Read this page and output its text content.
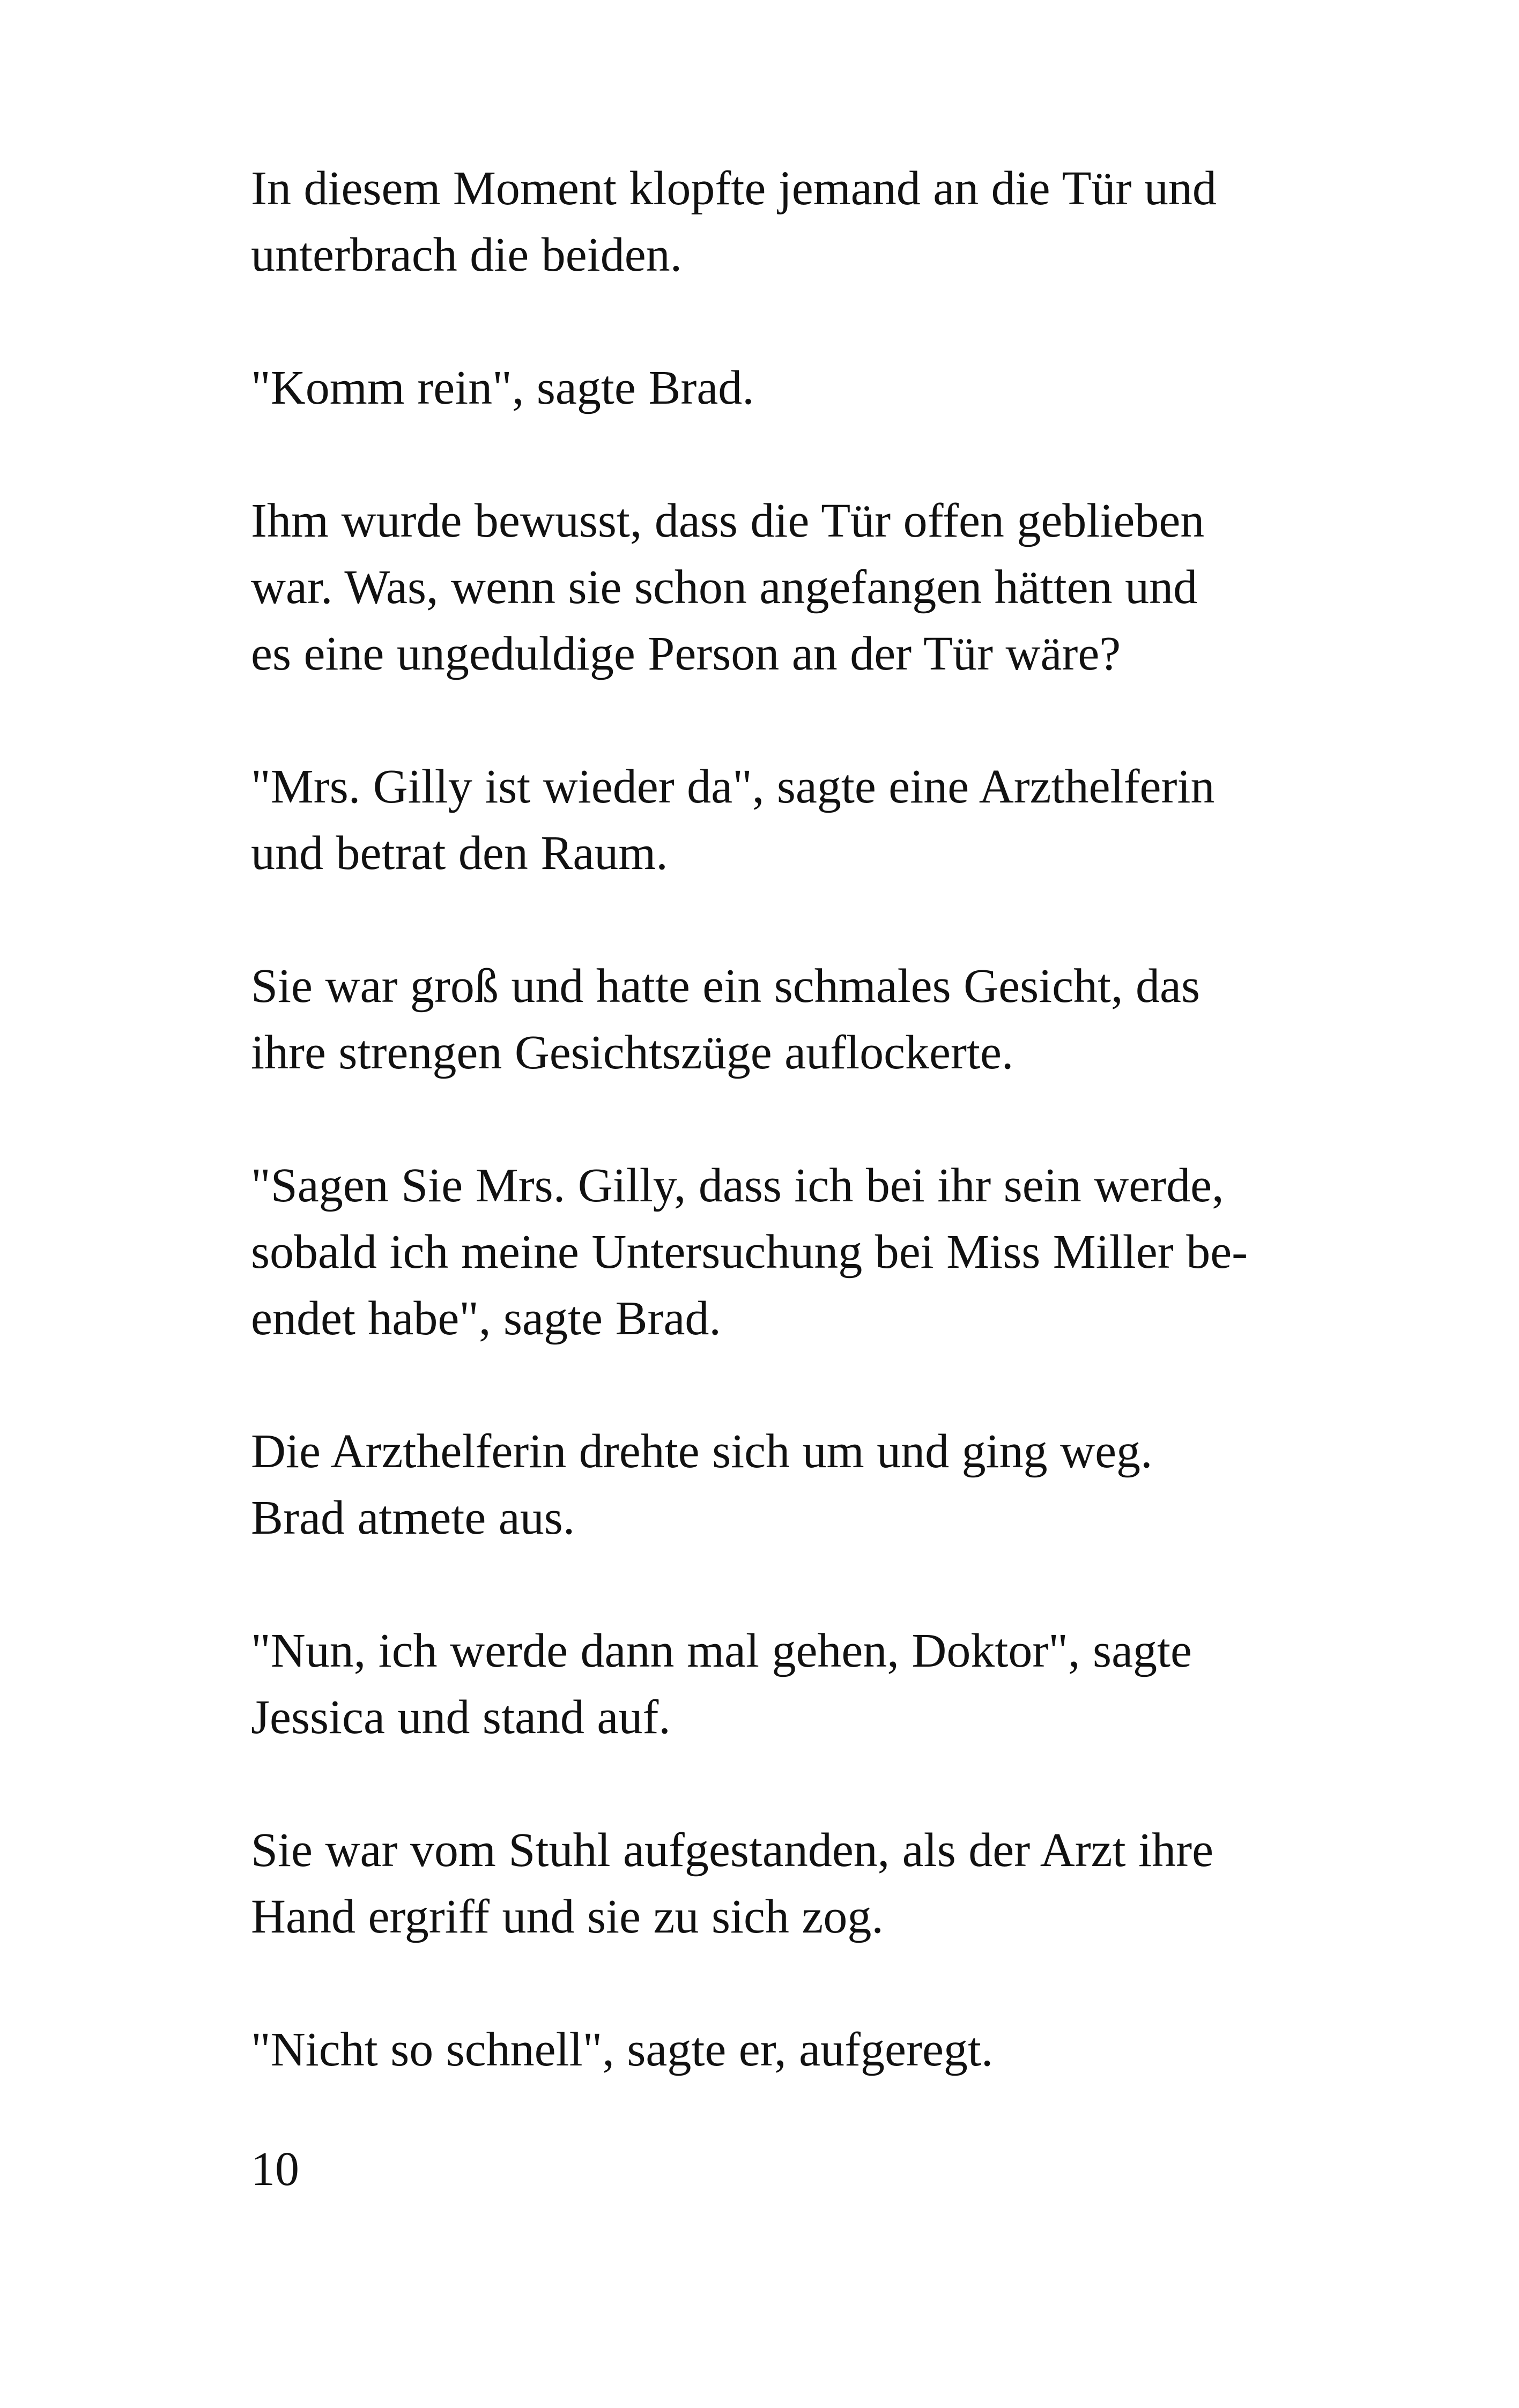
In diesem Moment klopfte jemand an die Tür und
unterbrach die beiden.

"Komm rein", sagte Brad.

Ihm wurde bewusst, dass die Tür offen geblieben
war. Was, wenn sie schon angefangen hätten und
es eine ungeduldige Person an der Tür wäre?

"Mrs. Gilly ist wieder da", sagte eine Arzthelferin
und betrat den Raum.

Sie war groß und hatte ein schmales Gesicht, das
ihre strengen Gesichtszüge auflockerte.

"Sagen Sie Mrs. Gilly, dass ich bei ihr sein werde,
sobald ich meine Untersuchung bei Miss Miller be-
endet habe", sagte Brad.

Die Arzthelferin drehte sich um und ging weg.
Brad atmete aus.

"Nun, ich werde dann mal gehen, Doktor", sagte
Jessica und stand auf.

Sie war vom Stuhl aufgestanden, als der Arzt ihre
Hand ergriff und sie zu sich zog.

"Nicht so schnell", sagte er, aufgeregt.

10
